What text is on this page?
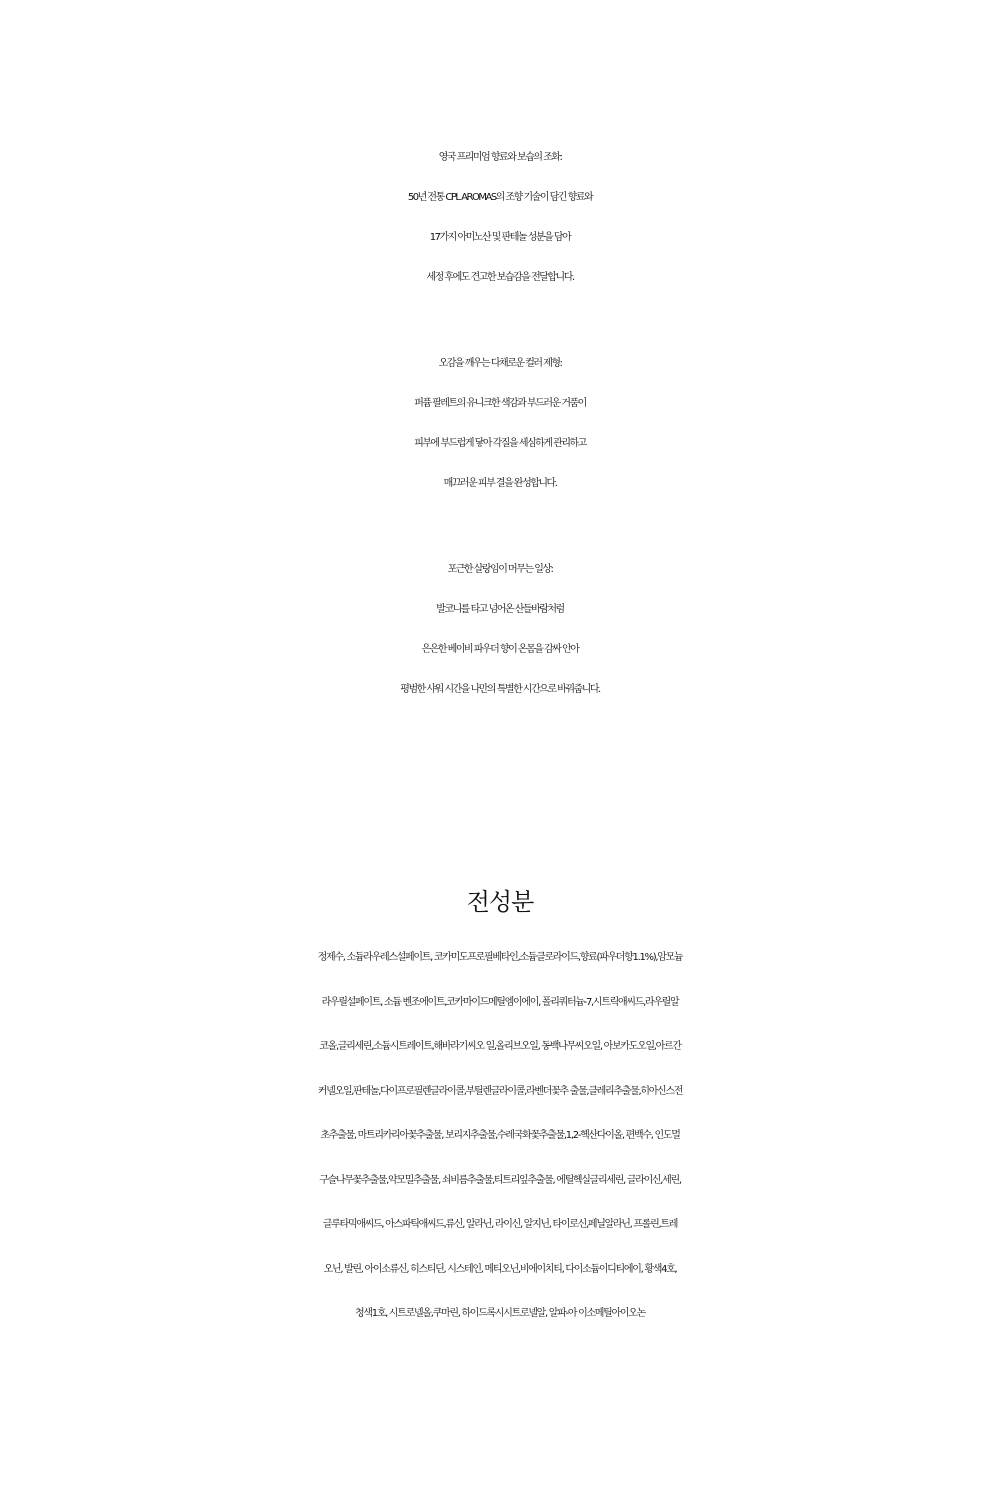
영국 프리미엄 향료와 보습의 조화:

50년 전통 CPL AROMAS의 조향 기술이 담긴 향료와

17가지 아미노산 및 판테놀 성분을 담아

세정 후에도 견고한 보습감을 전달합니다.

오감을 깨우는 다채로운 컬러 제형:

퍼퓸 팔레트의 유니크한 색감과 부드러운 거품이

피부에 부드럽게 닿아 각질을 세심하게 관리하고

매끄러운 피부 결을 완성합니다.

포근한 살랑임이 머무는 일상:

발코니를 타고 넘어온 산들바람처럼

은은한 베이비 파우더 향이 온몸을 감싸 안아

평범한 샤워 시간을 나만의 특별한 시간으로 바꿔줍니다.

전성분

정제수, 소듐라우레스설페이트, 코카미도프로필베타인,소듐클로라이드,향료(파우더향1.1%),암모늄

라우릴설페이트, 소듐 벤조에이트,코카마이드메틸엠이에이, 폴리쿼터늄-7,시트릭애씨드,라우릴알

코올,글리세린,소듐시트레이트,해바라기씨오 일,올리브오일, 동백나무씨오일, 아보카도오일,아르간

커넬오일,판테놀,다이프로필렌글라이콜,부틸렌글라이콜,라벤더꽃추 출물,클레리추출물,히아신스전

초추출물, 마트리카리아꽃추출물, 보리지추출물,수레국화꽃추출물,1,2-헥산다이올, 편백수, 인도멀

구슬나무꽃추출물,약모밀추출물, 쇠비름추출물,티트리잎추출물, 에틸헥실글리세린, 글라이신,세린,

글루타믹애씨드, 아스파틱애씨드,류신, 알라닌, 라이신, 알지닌, 타이로신,페닐알라닌, 프롤린,트레

오닌, 발린, 아이소류신, 히스티딘, 시스테인, 메티오닌,비에이치티, 다이소듐이디티에이, 황색4호,

청색1호, 시트로넬올,쿠마린, 하이드록시시트로넬알, 알파-아 이소메틸아이오논
